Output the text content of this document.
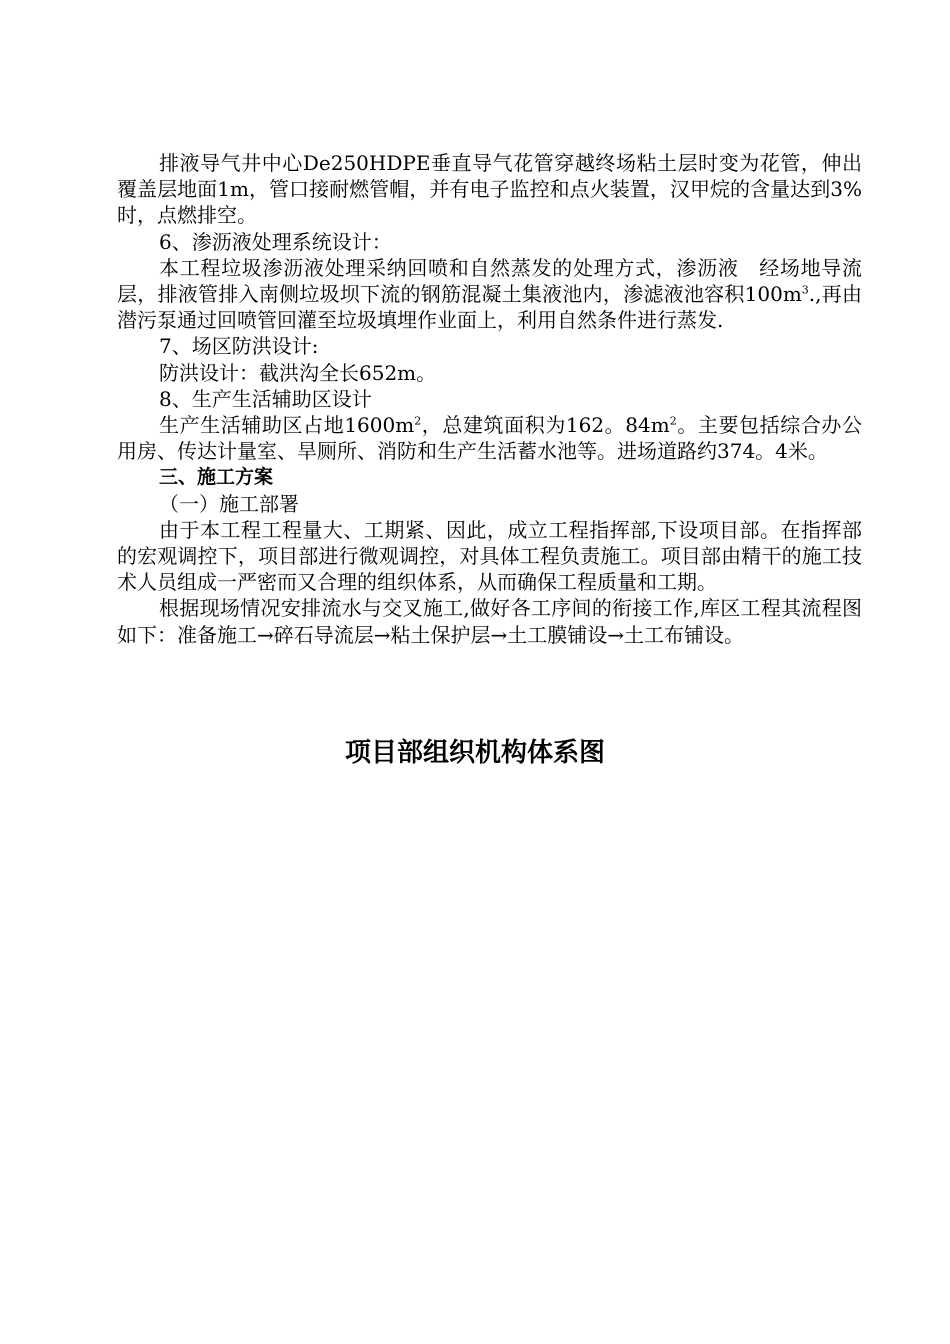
排液导气井中心De250HDPE垂直导气花管穿越终场粘土层时变为花管，伸出覆盖层地面1m，管口接耐燃管帽，并有电子监控和点火装置，汉甲烷的含量达到3%时，点燃排空。

6、渗沥液处理系统设计：

本工程垃圾渗沥液处理采纳回喷和自然蒸发的处理方式，渗沥液　经场地导流层，排液管排入南侧垃圾坝下流的钢筋混凝土集液池内，渗滤液池容积$100m^3$.,再由潜污泵通过回喷管回灌至垃圾填埋作业面上，利用自然条件进行蒸发.

7、场区防洪设计:

防洪设计：截洪沟全长652m。

8、生产生活辅助区设计

生产生活辅助区占地$1600m^2$，总建筑面积为162。$84m^2$。主要包括综合办公用房、传达计量室、旱厕所、消防和生产生活蓄水池等。进场道路约374。4米。

三、施工方案

（一）施工部署

由于本工程工程量大、工期紧、因此，成立工程指挥部,下设项目部。在指挥部的宏观调控下，项目部进行微观调控，对具体工程负责施工。项目部由精干的施工技术人员组成一严密而又合理的组织体系，从而确保工程质量和工期。

根据现场情况安排流水与交叉施工,做好各工序间的衔接工作,库区工程其流程图如下：准备施工→碎石导流层→粘土保护层→土工膜铺设→土工布铺设。

项目部组织机构体系图
